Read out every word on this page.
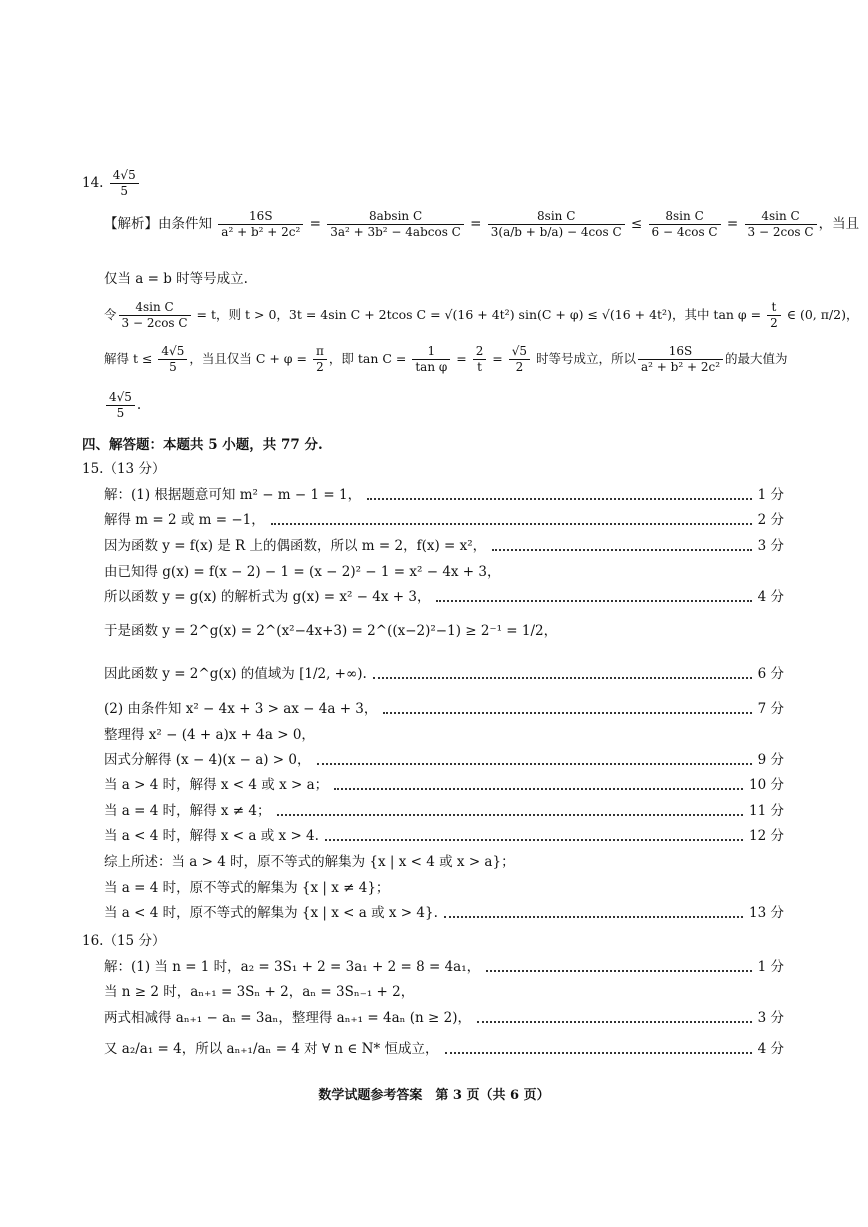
14. $\frac{4√5}{5}$
【解析】由条件知 $\frac{16S}{\text{a² + b² + 2c²}} = \frac{\text{8absin C}}{\text{3a² + 3b² − 4abcos C}} = \frac{\text{8sin C}}{\text{3(a/b + b/a) − 4cos C}} \le \frac{\text{8sin C}}{\text{6 − 4cos C}} = \frac{\text{4sin C}}{\text{3 − 2cos C}}$ ，当且
仅当 a = b 时等号成立.
令 $\frac{\text{4sin C}}{\text{3 − 2cos C}} = t$，则 t > 0，3t = 4sin C + 2tcos C = √(16 + 4t²) sin(C + φ) ≤ √(16 + 4t²)，其中 $\tan \varphi = \frac{t}{2}$ ∈ (0, π/2)，
解得 $t \le \frac{4√5}{5}$ ，当且仅当 $C + \varphi = \frac{\pi}{2}$ ，即 $\tan C = \frac{1}{\text{tan φ}} = \frac{2}{t} = \frac{√5}{2}$ 时等号成立，所以 $\frac{16S}{\text{a² + b² + 2c²}}$ 的最大值为
$\frac{4√5}{5}$ .
四、解答题：本题共 5 小题，共 77 分.
15.（13 分）
解：(1) 根据题意可知 m² − m − 1 = 1，	1 分
解得 m = 2 或 m = −1，	2 分
因为函数 y = f(x) 是 R 上的偶函数，所以 m = 2，f(x) = x²，	3 分
由已知得 g(x) = f(x − 2) − 1 = (x − 2)² − 1 = x² − 4x + 3，
所以函数 y = g(x) 的解析式为 g(x) = x² − 4x + 3，	4 分
于是函数 y = 2^g(x) = 2^(x²−4x+3) = 2^((x−2)²−1) ≥ 2⁻¹ = 1/2，
因此函数 y = 2^g(x) 的值域为 [1/2, +∞).	6 分
(2) 由条件知 x² − 4x + 3 > ax − 4a + 3，	7 分
整理得 x² − (4 + a)x + 4a > 0，
因式分解得 (x − 4)(x − a) > 0，	9 分
当 a > 4 时，解得 x < 4 或 x > a；	10 分
当 a = 4 时，解得 x ≠ 4；	11 分
当 a < 4 时，解得 x < a 或 x > 4.	12 分
综上所述：当 a > 4 时，原不等式的解集为 {x | x < 4 或 x > a}；
当 a = 4 时，原不等式的解集为 {x | x ≠ 4}；
当 a < 4 时，原不等式的解集为 {x | x < a 或 x > 4}.	13 分
16.（15 分）
解：(1) 当 n = 1 时，a₂ = 3S₁ + 2 = 3a₁ + 2 = 8 = 4a₁，	1 分
当 n ≥ 2 时，aₙ₊₁ = 3Sₙ + 2，aₙ = 3Sₙ₋₁ + 2，
两式相减得 aₙ₊₁ − aₙ = 3aₙ，整理得 aₙ₊₁ = 4aₙ (n ≥ 2)，	3 分
又 a₂/a₁ = 4，所以 aₙ₊₁/aₙ = 4 对 ∀ n ∈ N* 恒成立，	4 分
数学试题参考答案　第 3 页（共 6 页）
